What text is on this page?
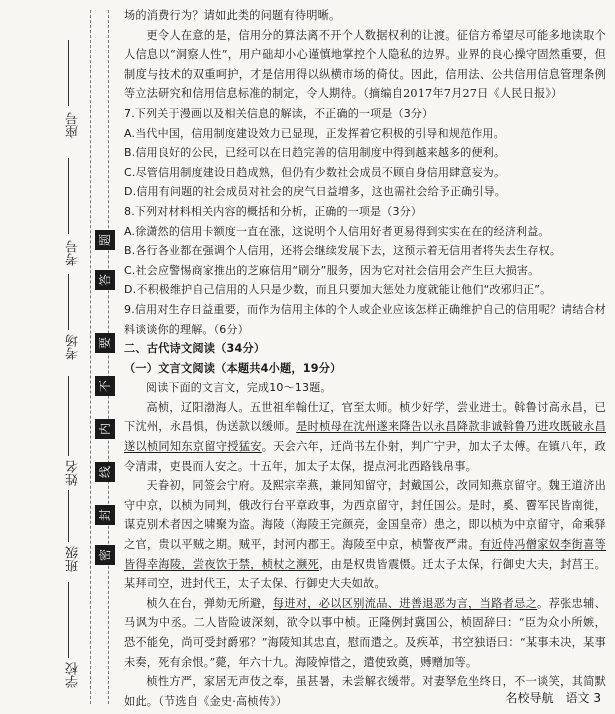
座号
考号
考场
姓名
班级
学校
密
封
线
内
不
要
答
题

场的消费行为？请如此类的问题有待明晰。

更令人在意的是，信用分的算法离不开个人数据权利的让渡。征信方希望尽可能多地读取个人信息以“洞察人性”，用户础却小心谨慎地掌控个人隐私的边界。业界的良心操守固然重要，但制度与技术的双重呵护，才是信用得以纵横市场的倚仗。因此，信用法、公共信用信息管理条例等立法研究和信用信息标准的制定，令人期待。（摘编自2017年7月27日《人民日报》）

7.下列关于漫画以及相关信息的解读，不正确的一项是（3分）

A.当代中国，信用制度建设效力已显现，正发挥着它积极的引导和规范作用。

B.信用良好的公民，已经可以在日趋完善的信用制度中得到越来越多的便利。

C.尽管信用制度建设日趋成熟，但仍有少数社会成员不顾自身信用肆意妄为。

D.信用有问题的社会成员对社会的戾气日益增多，这也需社会给予正确引导。

8.下列对材料相关内容的概括和分析，正确的一项是（3分）

A.徐潇然的信用卡额度一直在涨，这说明个人信用好者更易得到实实在在的经济利益。

B.各行各业都在强调个人信用，还将会继续发展下去，这预示着无信用者将失去生存权。

C.社会应警惕商家推出的芝麻信用“刷分”服务，因为它对社会信用会产生巨大损害。

D.不积极维护自己信用的人只是少数，而且只要加大惩处力度就能让他们“改邪归正”。

9.信用对生存日益重要，而作为信用主体的个人或企业应该怎样正确维护自己的信用呢？请结合材料谈谈你的理解。（6分）

二、古代诗文阅读（34分）

（一）文言文阅读（本题共4小题，19分）

阅读下面的文言文，完成10～13题。

高桢，辽阳渤海人。五世祖牟翰仕辽，官至太师。桢少好学，尝业进士。斡鲁讨高永昌，已下沈州，永昌惧，伪送款以缓师。是时桢母在沈州遂来降告以永昌降款非诚斡鲁乃进攻既破永昌遂以桢同知东京留守授猛安。天会六年，迁尚书左仆射，判广宁尹，加太子太傅。在镇八年，政令清肃，吏畏而人安之。十五年，加太子太保，提点河北西路钱帛事。

天眷初，同签会宁府。及熙宗幸燕，兼同知留守，封戴国公，改同知燕京留守。魏王道济出守中京，以桢为同判，俄改行台平章政事，为西京留守，封任国公。是时，奚、霫军民皆南徙，谋克别术者因之啸聚为盗。海陵（海陵王完颜亮，金国皇帝）患之，即以桢为中京留守，命乘驿之官，贵以平贼之期。贼平，封河内郡王。海陵至中京，桢警夜严肃。有近侍冯僧家奴李街喜等皆得幸海陵，尝夜饮于禁，桢杖之濒死，由是权贵皆震慑。迁太子太保，行御史大夫，封莒王。某拜司空，进封代王，太子太保、行御史大夫如故。

桢久在台，弹劾无所避，每进对，必以区别流品、进善退恶为言，当路者忌之。荐张忠辅、马讽为中丞。二人皆险诐深刻，欲令以事中桢。正隆例封冀国公，桢固辞曰：“臣为众小所嫉，恐不能免，尚可受封爵邪？”海陵知其忠直，慰而遣之。及疾革，书空独语曰：“某事未决，某事未奏，死有余恨。”薨，年六十九。海陵悼惜之，遣使致奠，赙赠加等。

桢性方严，家居无声伎之奉，虽甚暑，未尝解衣缓带。对妻孥危坐终日，不一谈笑，其简默如此。（节选自《金史·高桢传》）	名校导航　语文 3
